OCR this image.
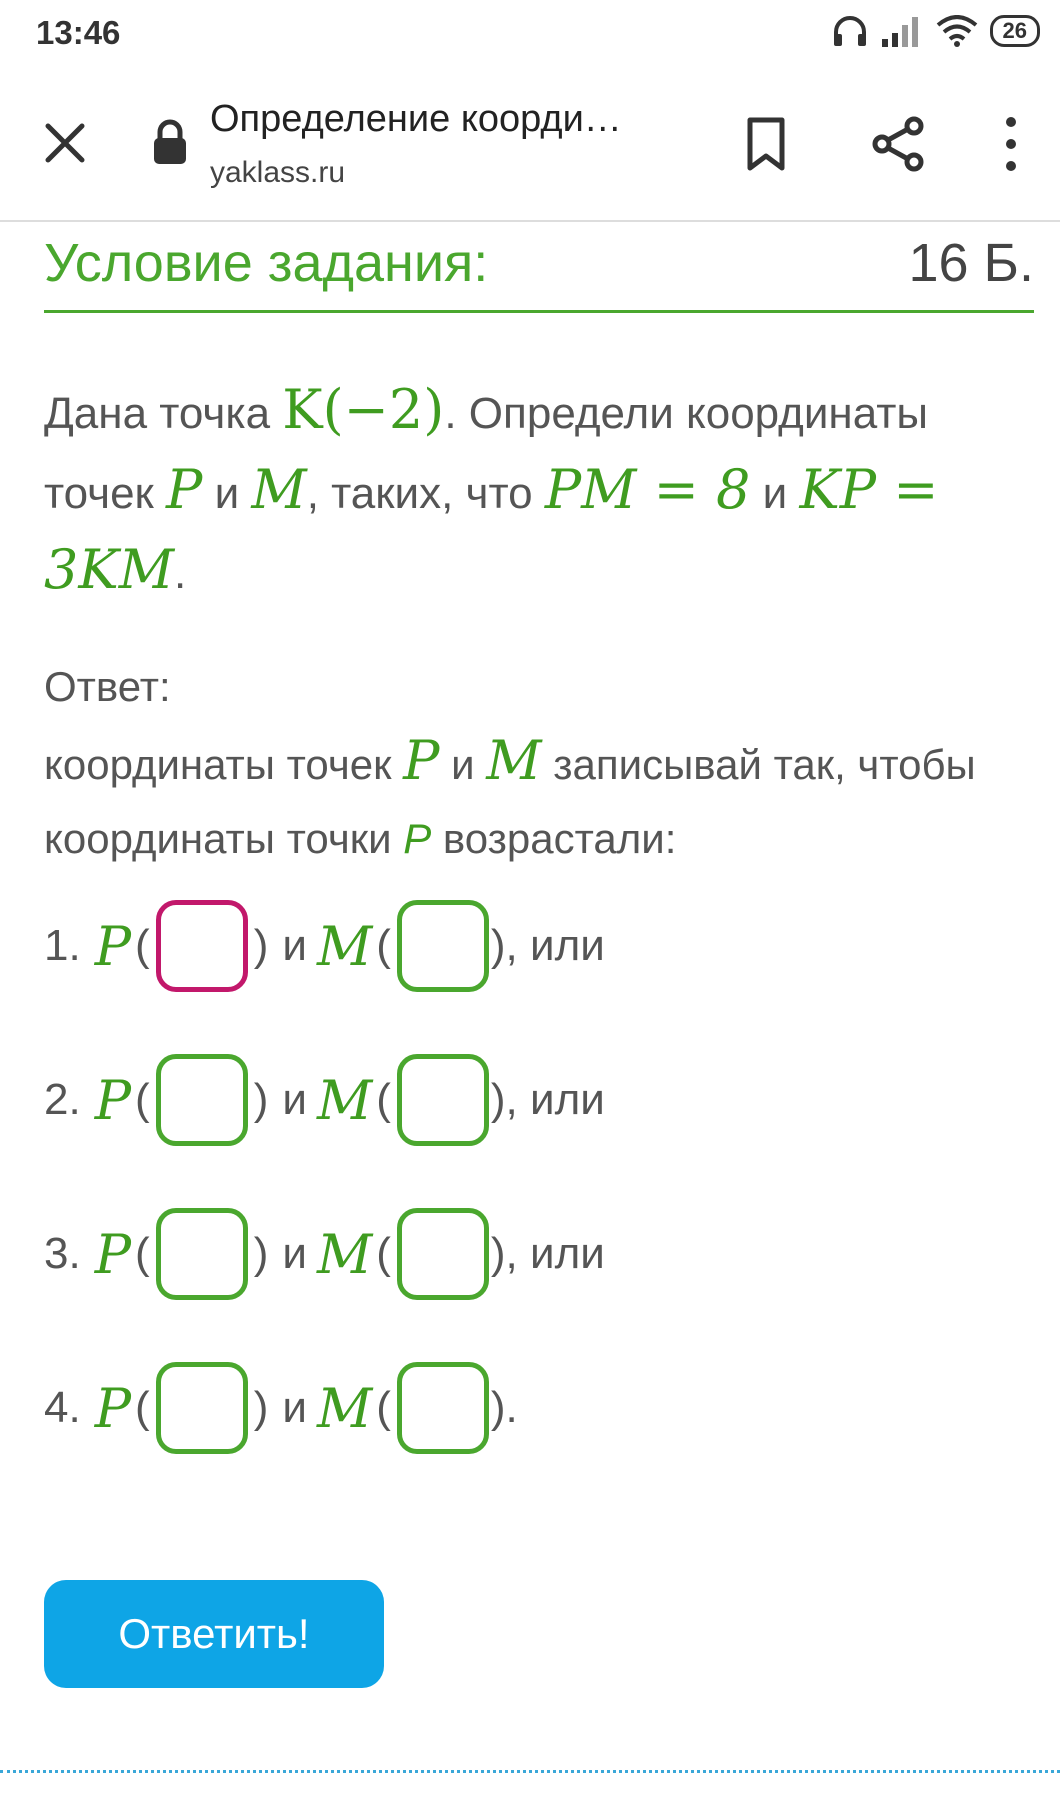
13:46	26
Определение коорди…
yaklass.ru
Условие задания:	16 Б.
Дана точка K(−2). Определи координаты точек P и M, таких, что PM = 8 и KP = 3KM.
Ответ:
координаты точек P и M записывай так, чтобы координаты точки P возрастали:
1. P ( ) и M ( ), или
2. P ( ) и M ( ), или
3. P ( ) и M ( ), или
4. P ( ) и M ( ).
Ответить!
